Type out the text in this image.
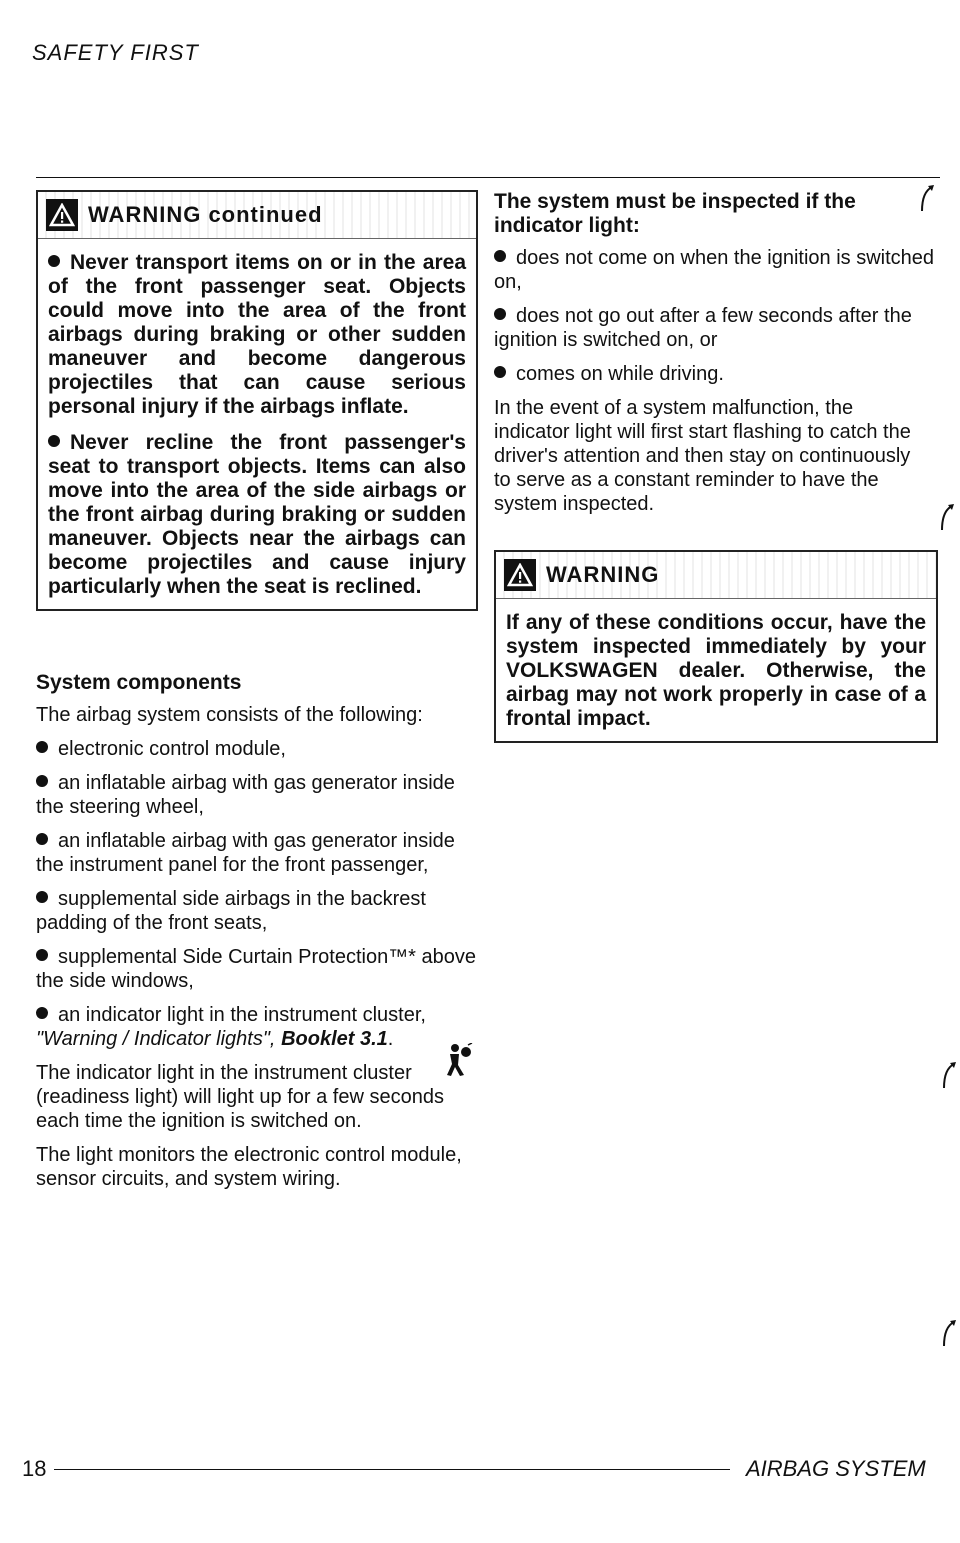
SAFETY FIRST
WARNING continued

Never transport items on or in the area of the front passenger seat. Objects could move into the area of the front airbags during braking or other sudden maneuver and become dangerous projectiles that can cause serious personal injury if the airbags inflate.

Never recline the front passenger's seat to transport objects. Items can also move into the area of the side airbags or the front airbag during braking or sudden maneuver. Objects near the airbags can become projectiles and cause injury particularly when the seat is reclined.

System components

The airbag system consists of the following:

electronic control module,

an inflatable airbag with gas generator inside the steering wheel,

an inflatable airbag with gas generator inside the instrument panel for the front passenger,

supplemental side airbags in the backrest padding of the front seats,

supplemental Side Curtain Protection™* above the side windows,

an indicator light in the instrument cluster, "Warning / Indicator lights", Booklet 3.1.

The indicator light in the instrument cluster (readiness light) will light up for a few seconds each time the ignition is switched on.

The light monitors the electronic control module, sensor circuits, and system wiring.

The system must be inspected if the indicator light:

does not come on when the ignition is switched on,

does not go out after a few seconds after the ignition is switched on, or

comes on while driving.

In the event of a system malfunction, the indicator light will first start flashing to catch the driver's attention and then stay on continuously to serve as a constant reminder to have the system inspected.

WARNING

If any of these conditions occur, have the system inspected immediately by your VOLKSWAGEN dealer. Otherwise, the airbag may not work properly in case of a frontal impact.

18	AIRBAG SYSTEM
